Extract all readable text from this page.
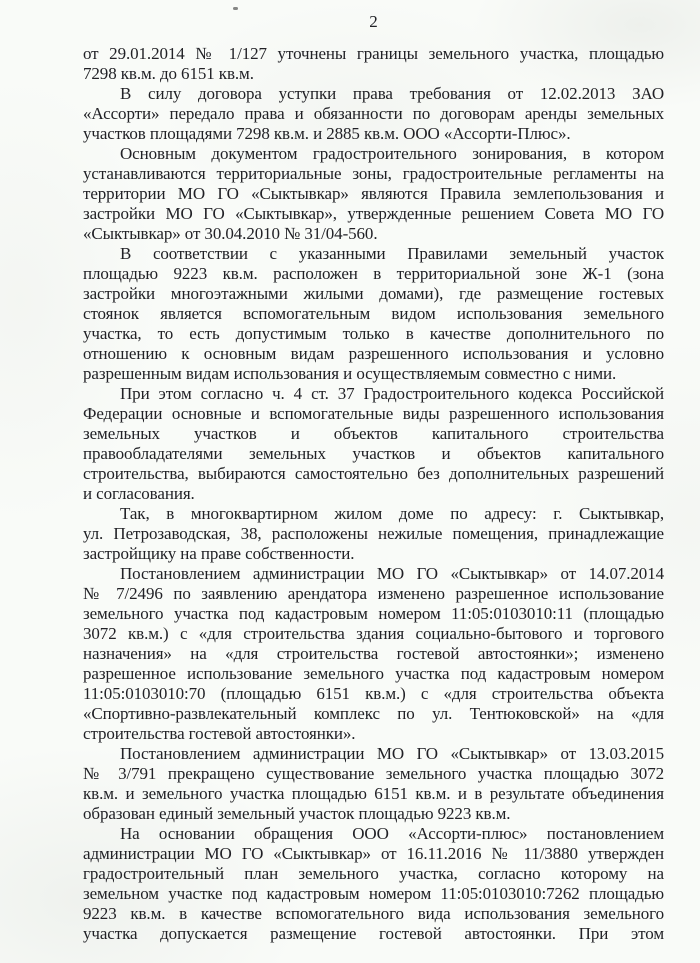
2
от 29.01.2014 № 1/127 уточнены границы земельного участка, площадью
7298 кв.м. до 6151 кв.м.
В силу договора уступки права требования от 12.02.2013 ЗАО
«Ассорти» передало права и обязанности по договорам аренды земельных
участков площадями 7298 кв.м. и 2885 кв.м. ООО «Ассорти-Плюс».
Основным документом градостроительного зонирования, в котором
устанавливаются территориальные зоны, градостроительные регламенты на
территории МО ГО «Сыктывкар» являются Правила землепользования и
застройки МО ГО «Сыктывкар», утвержденные решением Совета МО ГО
«Сыктывкар» от 30.04.2010 № 31/04-560.
В соответствии с указанными Правилами земельный участок
площадью 9223 кв.м. расположен в территориальной зоне Ж-1 (зона
застройки многоэтажными жилыми домами), где размещение гостевых
стоянок является вспомогательным видом использования земельного
участка, то есть допустимым только в качестве дополнительного по
отношению к основным видам разрешенного использования и условно
разрешенным видам использования и осуществляемым совместно с ними.
При этом согласно ч. 4 ст. 37 Градостроительного кодекса Российской
Федерации основные и вспомогательные виды разрешенного использования
земельных участков и объектов капитального строительства
правообладателями земельных участков и объектов капитального
строительства, выбираются самостоятельно без дополнительных разрешений
и согласования.
Так, в многоквартирном жилом доме по адресу: г. Сыктывкар,
ул. Петрозаводская, 38, расположены нежилые помещения, принадлежащие
застройщику на праве собственности.
Постановлением администрации МО ГО «Сыктывкар» от 14.07.2014
№ 7/2496 по заявлению арендатора изменено разрешенное использование
земельного участка под кадастровым номером 11:05:0103010:11 (площадью
3072 кв.м.) с «для строительства здания социально-бытового и торгового
назначения» на «для строительства гостевой автостоянки»; изменено
разрешенное использование земельного участка под кадастровым номером
11:05:0103010:70 (площадью 6151 кв.м.) с «для строительства объекта
«Спортивно-развлекательный комплекс по ул. Тентюковской» на «для
строительства гостевой автостоянки».
Постановлением администрации МО ГО «Сыктывкар» от 13.03.2015
№ 3/791 прекращено существование земельного участка площадью 3072
кв.м. и земельного участка площадью 6151 кв.м. и в результате объединения
образован единый земельный участок площадью 9223 кв.м.
На основании обращения ООО «Ассорти-плюс» постановлением
администрации МО ГО «Сыктывкар» от 16.11.2016 № 11/3880 утвержден
градостроительный план земельного участка, согласно которому на
земельном участке под кадастровым номером 11:05:0103010:7262 площадью
9223 кв.м. в качестве вспомогательного вида использования земельного
участка допускается размещение гостевой автостоянки. При этом
